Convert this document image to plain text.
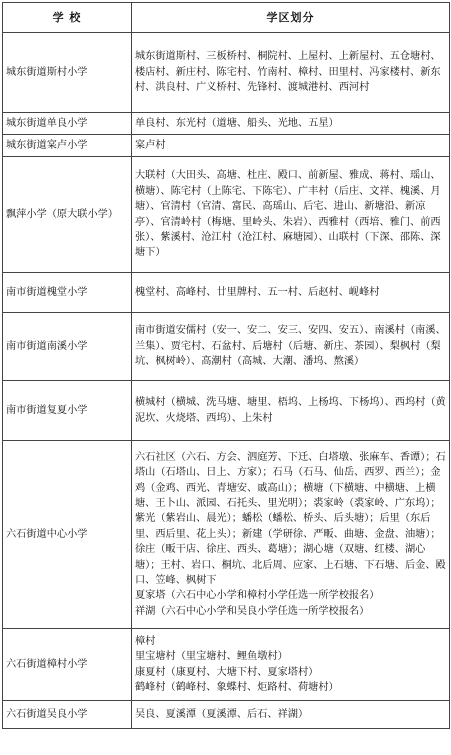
学 校	学区划分
城东街道斯村小学	城东街道斯村、三板桥村、桐院村、上屋村、上新屋村、五仓塘村、楼店村、新庄村、陈宅村、竹南村、樟村、田里村、冯家楼村、新东村、洪良村、广义桥村、先锋村、渡城港村、西河村

城东街道单良小学	单良村、东光村（道塘、船头、光地、五星）

城东街道宲卢小学	宲卢村

飘萍小学（原大联小学）	大联村（大田头、高塘、杜庄、殿口、前新屋、雅成、蒋村、瑶山、横塘）、陈宅村（上陈宅、下陈宅）、广丰村（后庄、文祥、槐溪、月塘）、官清村（官清、富民、高瑶山、后宅、进山、新塘沿、新凉亭）、官清岭村（梅塘、里岭头、朱岩）、西雅村（西培、雅门、前西张）、紫溪村、沧江村（沧江村、麻塘园）、山联村（下深、邵陈、深塘下）

南市街道槐堂小学	槐堂村、高峰村、廿里牌村、五一村、后赵村、岘峰村

南市街道南溪小学	南市街道安儒村（安一、安二、安三、安四、安五）、南溪村（南溪、兰集）、贾宅村、石盆村、后塘村（后塘、新庄、茶园）、梨枫村（梨坑、枫树岭）、高潮村（高城、大潮、潘坞、熬溪）

南市街道复夏小学	横城村（横城、洗马塘、塘里、梧坞、上杨坞、下杨坞）、西坞村（黄泥坎、火烧塔、西坞）、上朱村

六石街道中心小学	六石社区（六石、方会、泗庭芳、下迁、白塔墩、张麻车、香谭）；石塔山（石塔山、日上、方家）；石马（石马、仙岳、西罗、西兰）；金鸡（金鸡、西光、青塘安、戚高山）；横塘（下横塘、中横塘、上横塘、王卜山、派园、石托头、里光明）；裘家岭（裘家岭、广东坞）；紫光（紫岩山、晨光）；蟠松（蟠松、桥头、后头塘）；后里（东后里、西后里、花上头）；新建（学研徐、严畈、曲塘、金盘、油塘）；徐庄（畈干店、徐庄、西头、葛塘）；湖心塘（双塘、红楼、湖心塘）；王村、岩口、桐坑、北后周、应家、上石塘、下石塘、后金、殿口、笠峰、枫树下
夏家塔（六石中心小学和樟村小学任选一所学校报名）
祥湖（六石中心小学和吴良小学任选一所学校报名）

六石街道樟村小学	樟村
里宝塘村（里宝塘村、鲤鱼墩村）
康夏村（康夏村、大塘下村、夏家塔村）
鹤峰村（鹤峰村、象蝶村、炬路村、荷塘村）

六石街道吴良小学	吴良、夏溪潭（夏溪潭、后石、祥湖）
